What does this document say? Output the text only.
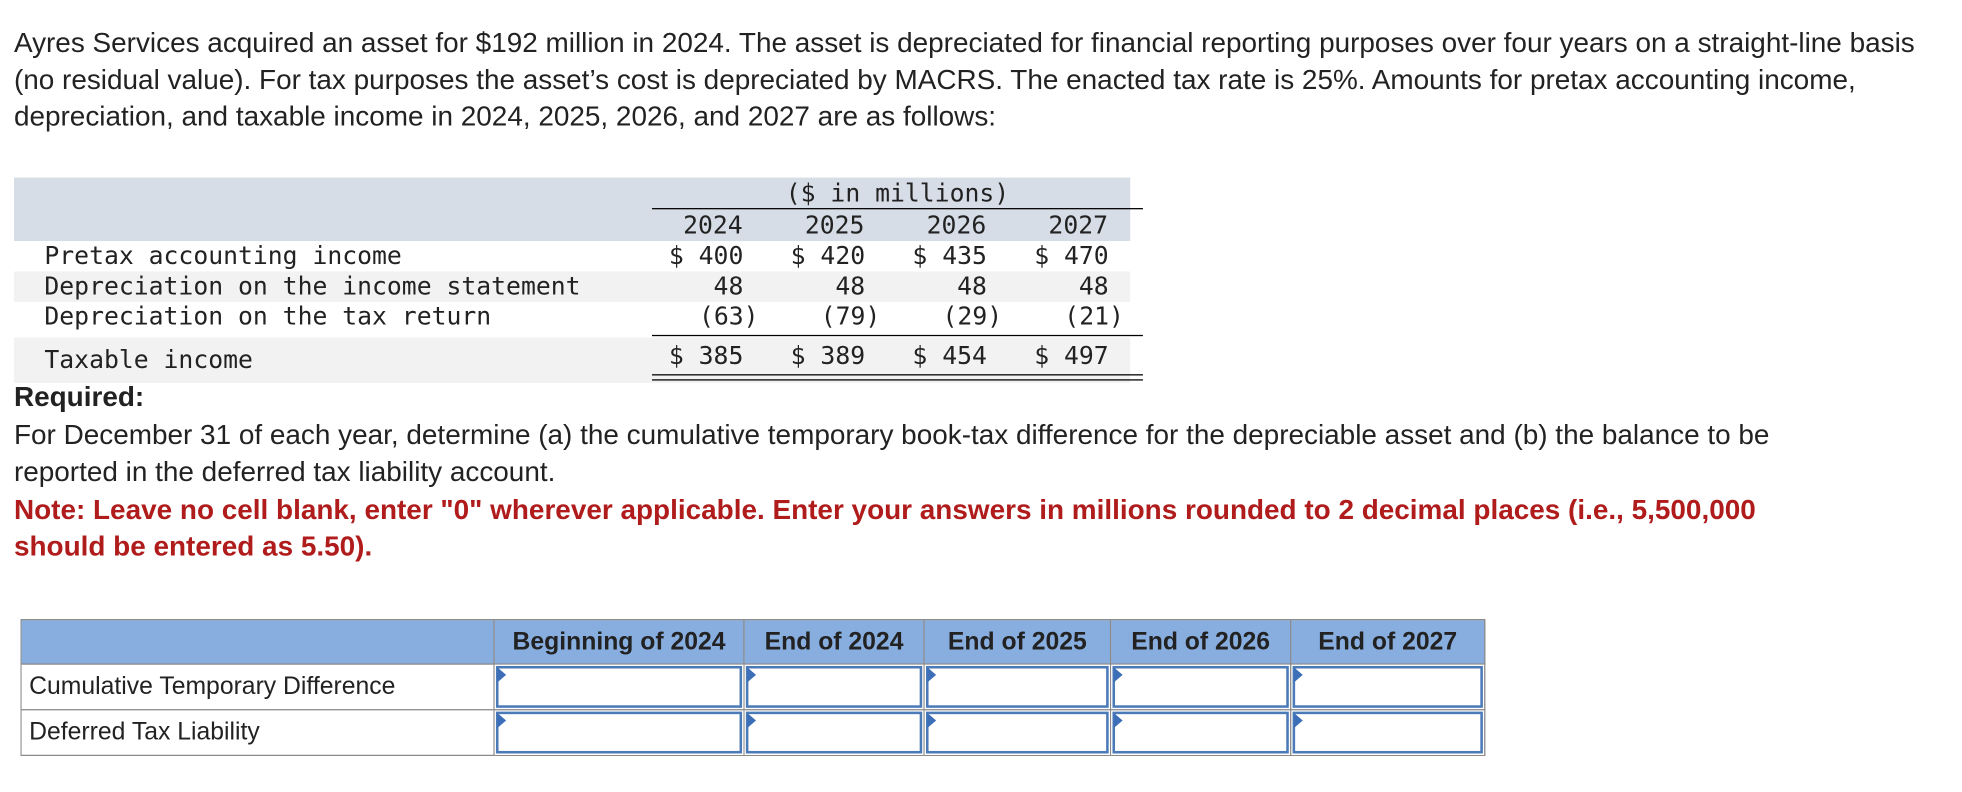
Ayres Services acquired an asset for $192 million in 2024. The asset is depreciated for financial reporting purposes over four years on a straight-line basis (no residual value). For tax purposes the asset’s cost is depreciated by MACRS. The enacted tax rate is 25%. Amounts for pretax accounting income, depreciation, and taxable income in 2024, 2025, 2026, and 2027 are as follows:

($ in millions)
2024	2025	2026	2027
Pretax accounting income	$ 400	$ 420	$ 435	$ 470
Depreciation on the income statement	48	48	48	48
Depreciation on the tax return	(63)	(79)	(29)	(21)
Taxable income	$ 385	$ 389	$ 454	$ 497

Required:

For December 31 of each year, determine (a) the cumulative temporary book-tax difference for the depreciable asset and (b) the balance to be reported in the deferred tax liability account.

Note: Leave no cell blank, enter "0" wherever applicable. Enter your answers in millions rounded to 2 decimal places (i.e., 5,500,000 should be entered as 5.50).

	Beginning of 2024	End of 2024	End of 2025	End of 2026	End of 2027
Cumulative Temporary Difference	

Deferred Tax Liability	
